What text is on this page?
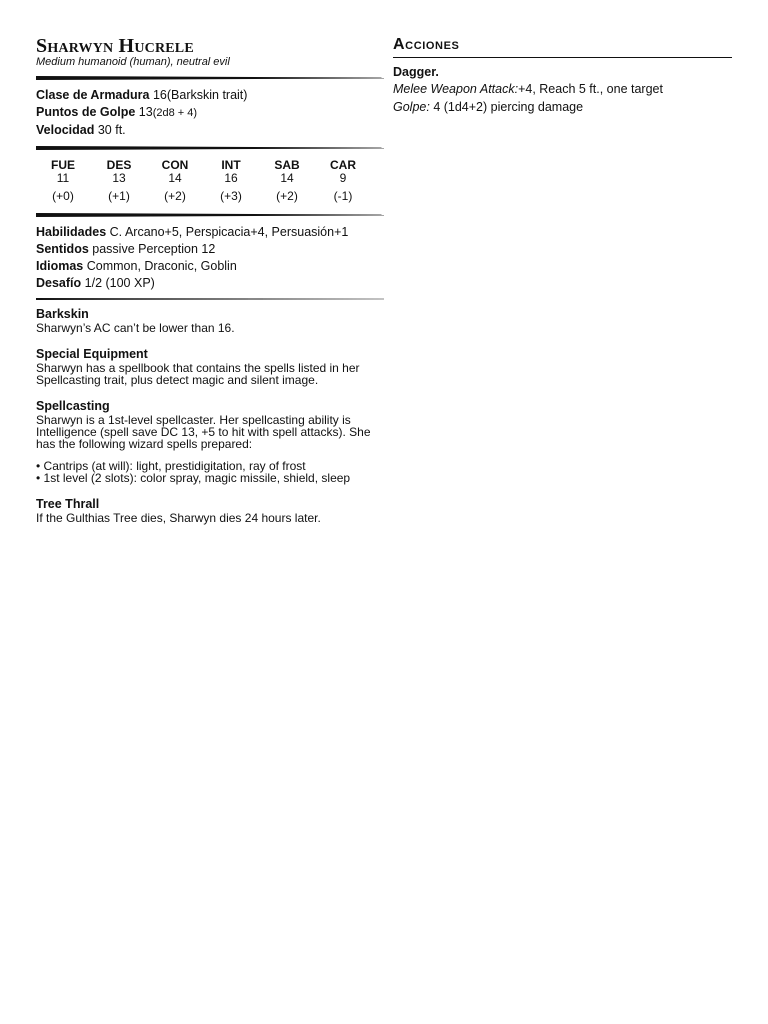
Sharwyn Hucrele

Medium humanoid (human), neutral evil

Clase de Armadura 16(Barkskin trait)

Puntos de Golpe 13(2d8 + 4)

Velocidad 30 ft.

FUE
11
(+0)
DES
13
(+1)
CON
14
(+2)
INT
16
(+3)
SAB
14
(+2)
CAR
9
(-1)

Habilidades C. Arcano+5, Perspicacia+4, Persuasión+1

Sentidos passive Perception 12

Idiomas Common, Draconic, Goblin

Desafío 1/2 (100 XP)

Barkskin

Sharwyn’s AC can’t be lower than 16.

Special Equipment

Sharwyn has a spellbook that contains the spells listed in her Spellcasting trait, plus detect magic and silent image.

Spellcasting

Sharwyn is a 1st-level spellcaster. Her spellcasting ability is Intelligence (spell save DC 13, +5 to hit with spell attacks). She has the following wizard spells prepared:

• Cantrips (at will): light, prestidigitation, ray of frost
• 1st level (2 slots): color spray, magic missile, shield, sleep

Tree Thrall

If the Gulthias Tree dies, Sharwyn dies 24 hours later.

Acciones

Dagger.

Melee Weapon Attack:+4, Reach 5 ft., one target

Golpe: 4 (1d4+2) piercing damage
